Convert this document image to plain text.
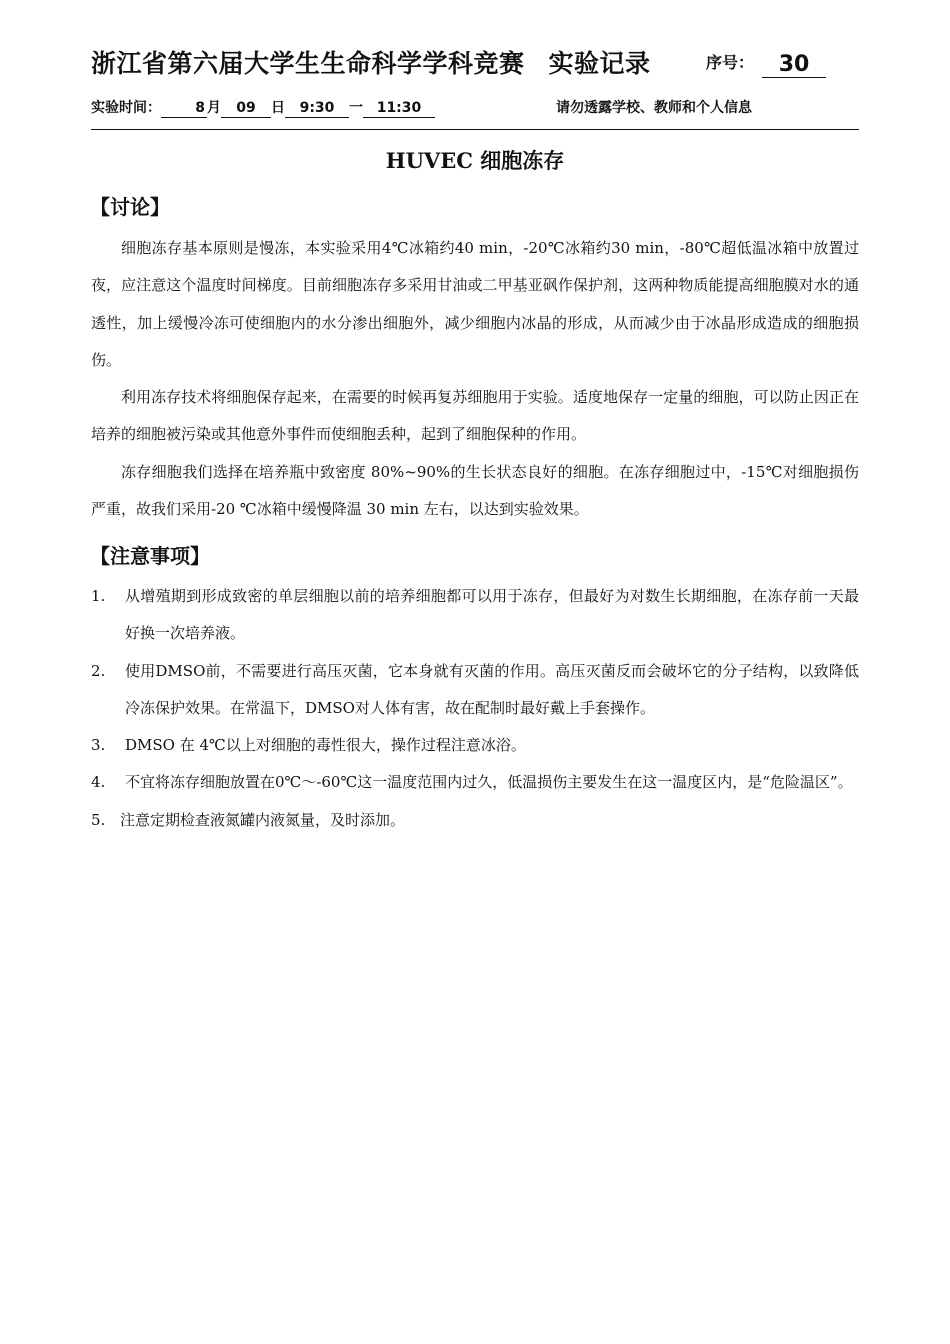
浙江省第六届大学生生命科学学科竞赛 实验记录	序号： 30
实验时间： 8 月 09 日 9:30 一 11:30	请勿透露学校、教师和个人信息
HUVEC 细胞冻存
【讨论】

细胞冻存基本原则是慢冻，本实验采用4℃冰箱约40 min，-20℃冰箱约30 min，-80℃超低温冰箱中放置过夜，应注意这个温度时间梯度。目前细胞冻存多采用甘油或二甲基亚砜作保护剂，这两种物质能提高细胞膜对水的通透性，加上缓慢冷冻可使细胞内的水分渗出细胞外，减少细胞内冰晶的形成，从而减少由于冰晶形成造成的细胞损伤。

利用冻存技术将细胞保存起来，在需要的时候再复苏细胞用于实验。适度地保存一定量的细胞，可以防止因正在培养的细胞被污染或其他意外事件而使细胞丢种，起到了细胞保种的作用。

冻存细胞我们选择在培养瓶中致密度 80%~90%的生长状态良好的细胞。在冻存细胞过中，-15℃对细胞损伤严重，故我们采用-20 ℃冰箱中缓慢降温 30 min 左右，以达到实验效果。

【注意事项】
1. 从增殖期到形成致密的单层细胞以前的培养细胞都可以用于冻存，但最好为对数生长期细胞，在冻存前一天最好换一次培养液。
2. 使用DMSO前，不需要进行高压灭菌，它本身就有灭菌的作用。高压灭菌反而会破坏它的分子结构，以致降低冷冻保护效果。在常温下，DMSO对人体有害，故在配制时最好戴上手套操作。
3. DMSO 在 4℃以上对细胞的毒性很大，操作过程注意冰浴。
4. 不宜将冻存细胞放置在0℃～-60℃这一温度范围内过久，低温损伤主要发生在这一温度区内，是“危险温区”。
5. 注意定期检查液氮罐内液氮量，及时添加。
